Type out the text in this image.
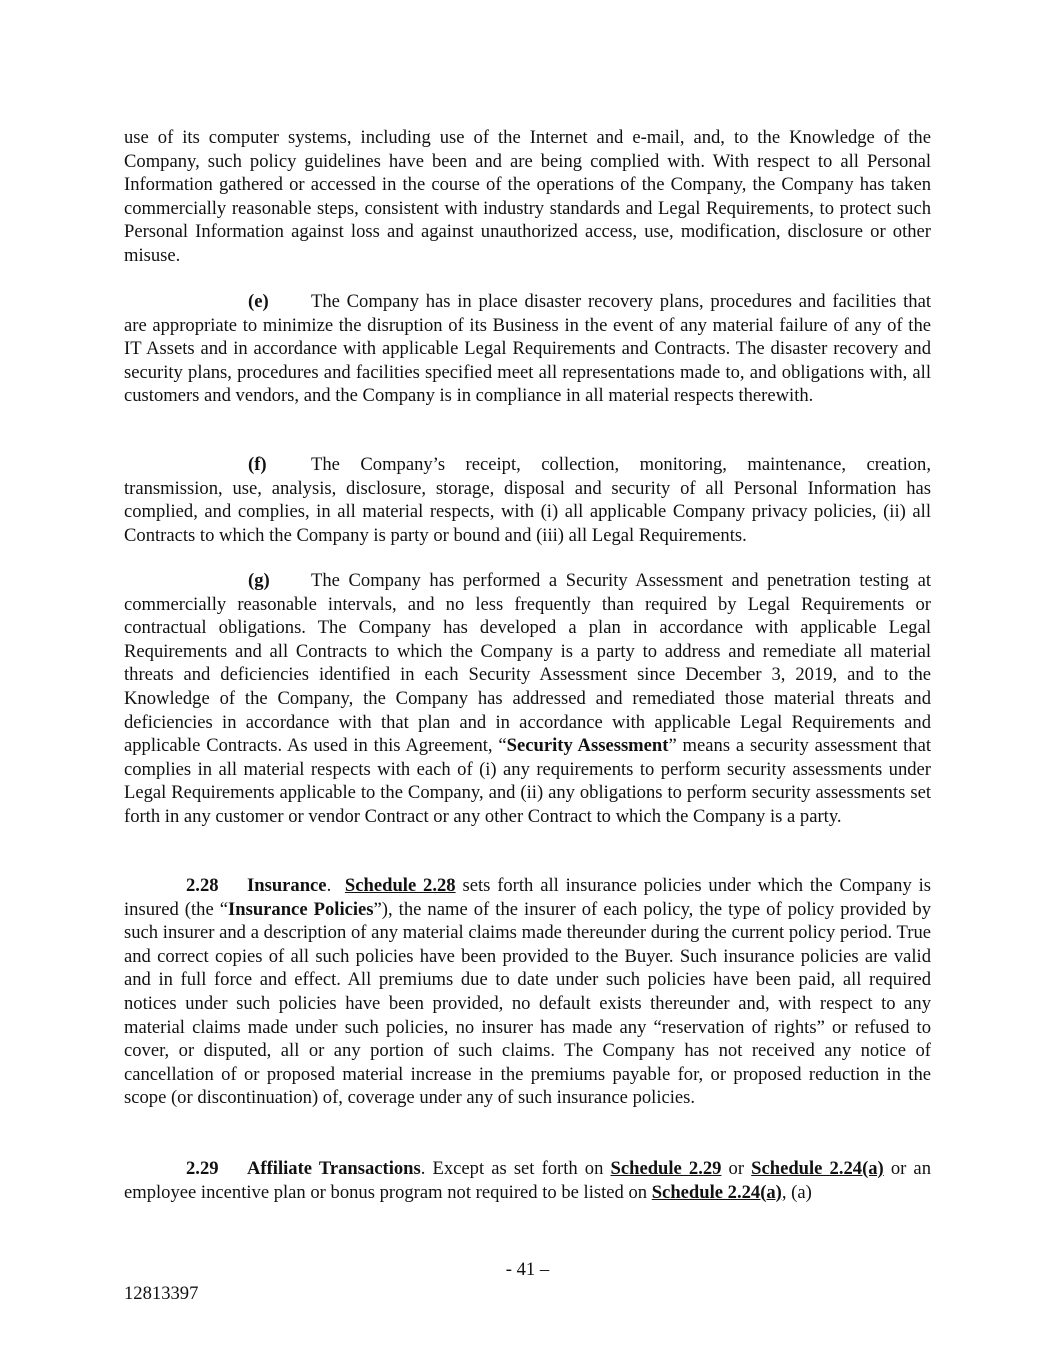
use of its computer systems, including use of the Internet and e-mail, and, to the Knowledge of the Company, such policy guidelines have been and are being complied with. With respect to all Personal Information gathered or accessed in the course of the operations of the Company, the Company has taken commercially reasonable steps, consistent with industry standards and Legal Requirements, to protect such Personal Information against loss and against unauthorized access, use, modification, disclosure or other misuse.

(e) The Company has in place disaster recovery plans, procedures and facilities that are appropriate to minimize the disruption of its Business in the event of any material failure of any of the IT Assets and in accordance with applicable Legal Requirements and Contracts. The disaster recovery and security plans, procedures and facilities specified meet all representations made to, and obligations with, all customers and vendors, and the Company is in compliance in all material respects therewith.

(f) The Company’s receipt, collection, monitoring, maintenance, creation, transmission, use, analysis, disclosure, storage, disposal and security of all Personal Information has complied, and complies, in all material respects, with (i) all applicable Company privacy policies, (ii) all Contracts to which the Company is party or bound and (iii) all Legal Requirements.

(g) The Company has performed a Security Assessment and penetration testing at commercially reasonable intervals, and no less frequently than required by Legal Requirements or contractual obligations. The Company has developed a plan in accordance with applicable Legal Requirements and all Contracts to which the Company is a party to address and remediate all material threats and deficiencies identified in each Security Assessment since December 3, 2019, and to the Knowledge of the Company, the Company has addressed and remediated those material threats and deficiencies in accordance with that plan and in accordance with applicable Legal Requirements and applicable Contracts. As used in this Agreement, “Security Assessment” means a security assessment that complies in all material respects with each of (i) any requirements to perform security assessments under Legal Requirements applicable to the Company, and (ii) any obligations to perform security assessments set forth in any customer or vendor Contract or any other Contract to which the Company is a party.

2.28 Insurance. Schedule 2.28 sets forth all insurance policies under which the Company is insured (the “Insurance Policies”), the name of the insurer of each policy, the type of policy provided by such insurer and a description of any material claims made thereunder during the current policy period. True and correct copies of all such policies have been provided to the Buyer. Such insurance policies are valid and in full force and effect. All premiums due to date under such policies have been paid, all required notices under such policies have been provided, no default exists thereunder and, with respect to any material claims made under such policies, no insurer has made any “reservation of rights” or refused to cover, or disputed, all or any portion of such claims. The Company has not received any notice of cancellation of or proposed material increase in the premiums payable for, or proposed reduction in the scope (or discontinuation) of, coverage under any of such insurance policies.

2.29 Affiliate Transactions. Except as set forth on Schedule 2.29 or Schedule 2.24(a) or an employee incentive plan or bonus program not required to be listed on Schedule 2.24(a), (a)

- 41 –
12813397
